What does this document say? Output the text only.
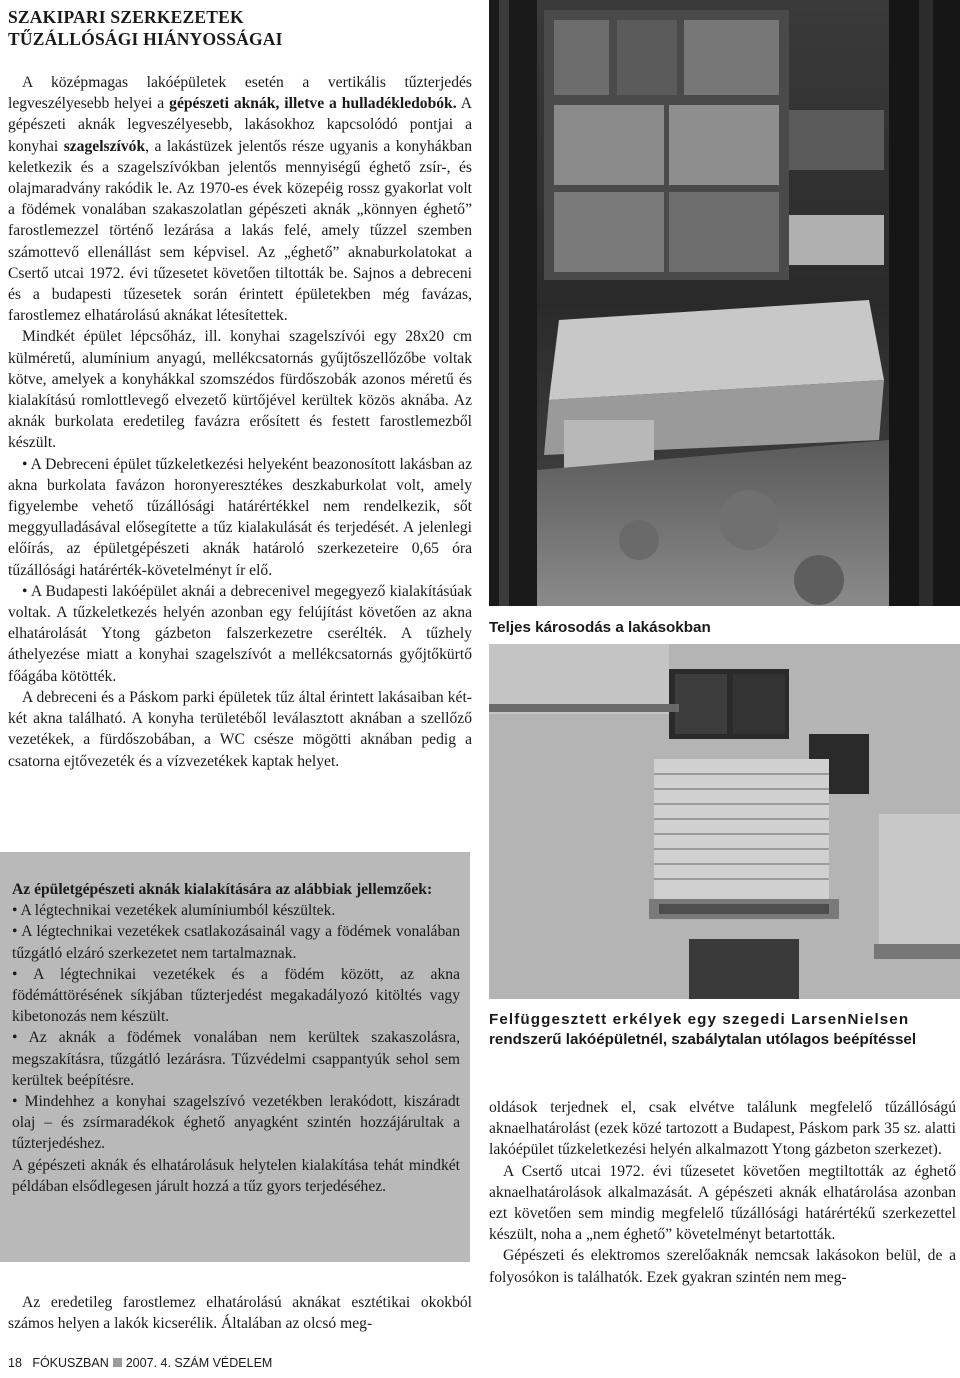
SZAKIPARI SZERKEZETEK
TŰZÁLLÓSÁGI HIÁNYOSSÁGAI

A középmagas lakóépületek esetén a vertikális tűzterjedés legveszélyesebb helyei a gépészeti aknák, illetve a hulladékledobók. A gépészeti aknák legveszélyesebb, lakásokhoz kapcsolódó pontjai a konyhai szagelszívók, a lakástüzek jelentős része ugyanis a konyhákban keletkezik és a szagelszívókban jelentős mennyiségű éghető zsír-, és olajmaradvány rakódik le. Az 1970-es évek közepéig rossz gyakorlat volt a födémek vonalában szakaszolatlan gépészeti aknák „könnyen éghető” farostlemezzel történő lezárása a lakás felé, amely tűzzel szemben számottevő ellenállást sem képvisel. Az „éghető” aknaburkolatokat a Csertő utcai 1972. évi tűzesetet követően tiltották be. Sajnos a debreceni és a budapesti tűzesetek során érintett épületekben még favázas, farostlemez elhatárolású aknákat létesítettek.

Mindkét épület lépcsőház, ill. konyhai szagelszívói egy 28x20 cm külméretű, alumínium anyagú, mellékcsatornás gyűjtőszellőzőbe voltak kötve, amelyek a konyhákkal szomszédos fürdőszobák azonos méretű és kialakítású romlottlevegő elvezető kürtőjével kerültek közös aknába. Az aknák burkolata eredetileg favázra erősített és festett farostlemezből készült.

• A Debreceni épület tűzkeletkezési helyeként beazonosított lakásban az akna burkolata favázon horonyeresztékes deszkaburkolat volt, amely figyelembe vehető tűzállósági határértékkel nem rendelkezik, sőt meggyulladásával elősegítette a tűz kialakulását és terjedését. A jelenlegi előírás, az épületgépészeti aknák határoló szerkezeteire 0,65 óra tűzállósági határérték-követelményt ír elő.

• A Budapesti lakóépület aknái a debrecenivel megegyező kialakításúak voltak. A tűzkeletkezés helyén azonban egy felújítást követően az akna elhatárolását Ytong gázbeton falszerkezetre cserélték. A tűzhely áthelyezése miatt a konyhai szagelszívót a mellékcsatornás győjtőkürtő főágába kötötték.

A debreceni és a Páskom parki épületek tűz által érintett lakásaiban két-két akna található. A konyha területéből leválasztott aknában a szellőző vezetékek, a fürdőszobában, a WC csésze mögötti aknában pedig a csatorna ejtővezeték és a vízvezetékek kaptak helyet.

Az épületgépészeti aknák kialakítására az alábbiak jellemzőek:

• A légtechnikai vezetékek alumíniumból készültek.

• A légtechnikai vezetékek csatlakozásainál vagy a födémek vonalában tűzgátló elzáró szerkezetet nem tartalmaznak.

• A légtechnikai vezetékek és a födém között, az akna födémáttörésének síkjában tűzterjedést megakadályozó kitöltés vagy kibetonozás nem készült.

• Az aknák a födémek vonalában nem kerültek szakaszolásra, megszakításra, tűzgátló lezárásra. Tűzvédelmi csappantyúk sehol sem kerültek beépítésre.

• Mindehhez a konyhai szagelszívó vezetékben lerakódott, kiszáradt olaj – és zsírmaradékok éghető anyagként szintén hozzájárultak a tűzterjedéshez.

A gépészeti aknák és elhatárolásuk helytelen kialakítása tehát mindkét példában elsődlegesen járult hozzá a tűz gyors terjedéséhez.

Az eredetileg farostlemez elhatárolású aknákat esztétikai okokból számos helyen a lakók kicserélik. Általában az olcsó meg-

Teljes károsodás a lakásokban
Felfüggesztett erkélyek egy szegedi LarsenNielsen
rendszerű lakóépületnél, szabálytalan utólagos beépítéssel

oldások terjednek el, csak elvétve találunk megfelelő tűzállóságú aknaelhatárolást (ezek közé tartozott a Budapest, Páskom park 35 sz. alatti lakóépület tűzkeletkezési helyén alkalmazott Ytong gázbeton szerkezet).

A Csertő utcai 1972. évi tűzesetet követően megtiltották az éghető aknaelhatárolások alkalmazását. A gépészeti aknák elhatárolása azonban ezt követően sem mindig megfelelő tűzállósági határértékű szerkezettel készült, noha a „nem éghető” követelményt betartották.

Gépészeti és elektromos szerelőaknák nemcsak lakásokon belül, de a folyosókon is találhatók. Ezek gyakran szintén nem meg-

18 FÓKUSZBAN 2007. 4. SZÁM VÉDELEM
